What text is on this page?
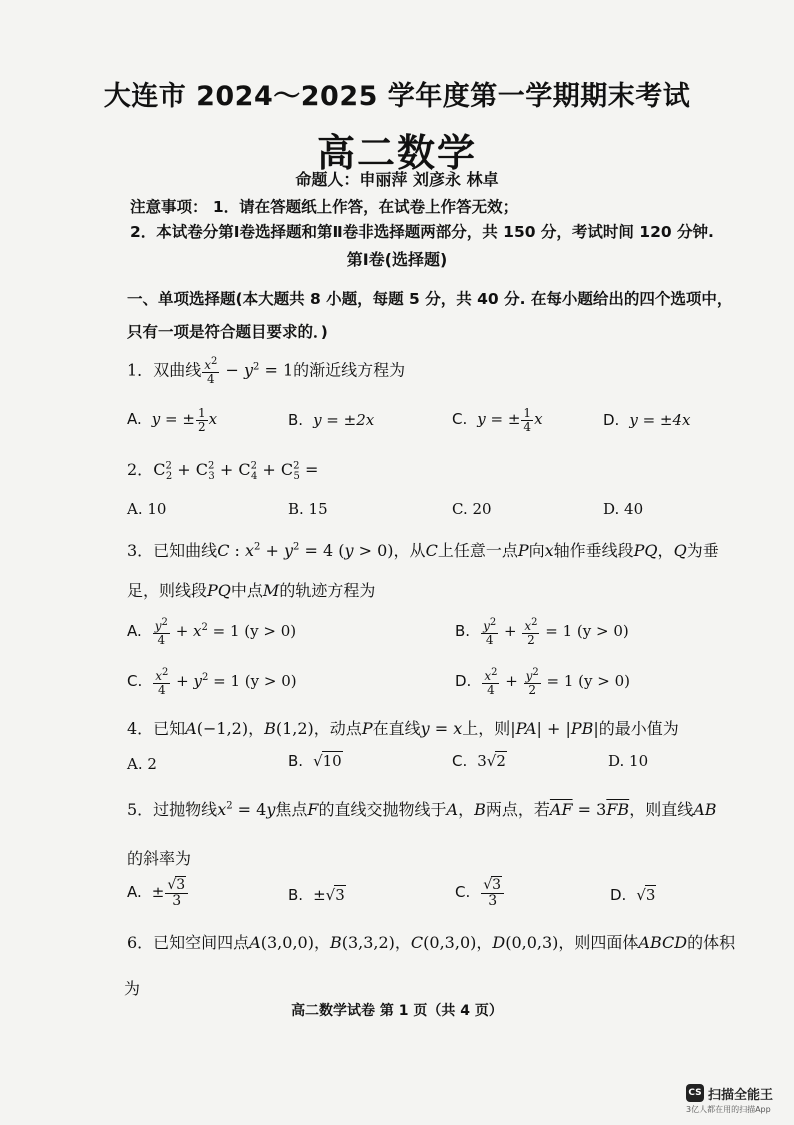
大连市 2024～2025 学年度第一学期期末考试
高二数学
命题人：申丽萍 刘彦永 林卓
注意事项： 1．请在答题纸上作答，在试卷上作答无效；
2．本试卷分第Ⅰ卷选择题和第Ⅱ卷非选择题两部分，共 150 分，考试时间 120 分钟.
第Ⅰ卷(选择题)
一、单项选择题(本大题共 8 小题，每题 5 分，共 40 分. 在每小题给出的四个选项中，
只有一项是符合题目要求的．)
1．双曲线 $\frac{x^2}{4} - y^2 = 1$的渐近线方程为
A. y = ± $\frac{1}{2}$ x	B. y = ±2x	C. y = ± $\frac{1}{4}$ x	D. y = ±4x
2．$C^2_2 + C^2_3 + C^2_4 + C^2_5$ =
A. 10	B. 15	C. 20	D. 40
3．已知曲线C : $x^2 + y^2 = 4$ (y > 0)，从C上任意一点P向x轴作垂线段PQ，Q为垂
足，则线段PQ中点M的轨迹方程为
A. $\frac{y^2}{4} + x^2 = 1$ (y > 0)	B. $\frac{y^2}{4} + \frac{x^2}{2} = 1$ (y > 0)
C. $\frac{x^2}{4} + y^2 = 1$ (y > 0)	D. $\frac{x^2}{4} + \frac{y^2}{2} = 1$ (y > 0)
4．已知A(−1,2)，B(1,2)，动点P在直线y = x上，则|PA| + |PB|的最小值为
A. 2	B. √10	C. 3√2	D. 10
5．过抛物线$x^2 = 4y$焦点F的直线交抛物线于A，B两点，若$\overline{AF} = 3\overline{FB}$，则直线AB
的斜率为
A. ± $\frac{√3}{3}$	B. ±√3	C. $\frac{√3}{3}$	D. √3
6．已知空间四点A(3,0,0)，B(3,3,2)，C(0,3,0)，D(0,0,3)，则四面体ABCD的体积
为
高二数学试卷 第 1 页（共 4 页）
CS 扫描全能王
3亿人都在用的扫描App
